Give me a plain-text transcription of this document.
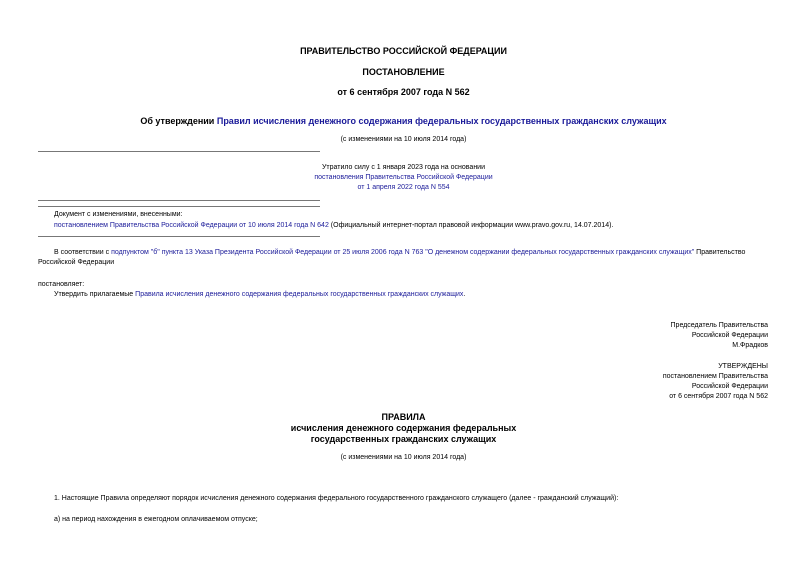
ПРАВИТЕЛЬСТВО РОССИЙСКОЙ ФЕДЕРАЦИИ
ПОСТАНОВЛЕНИЕ
от 6 сентября 2007 года N 562
Об утверждении Правил исчисления денежного содержания федеральных государственных гражданских служащих
(с изменениями на 10 июля 2014 года)
Утратило силу с 1 января 2023 года на основании
постановления Правительства Российской Федерации
от 1 апреля 2022 года N 554
Документ с изменениями, внесенными:
постановлением Правительства Российской Федерации от 10 июля 2014 года N 642 (Официальный интернет-портал правовой информации www.pravo.gov.ru, 14.07.2014).
В соответствии с подпунктом "б" пункта 13 Указа Президента Российской Федерации от 25 июля 2006 года N 763 "О денежном содержании федеральных государственных гражданских служащих" Правительство
Российской Федерации
постановляет:
Утвердить прилагаемые Правила исчисления денежного содержания федеральных государственных гражданских служащих.
Председатель Правительства
Российской Федерации
М.Фрадков
УТВЕРЖДЕНЫ
постановлением Правительства
Российской Федерации
от 6 сентября 2007 года N 562
ПРАВИЛА
исчисления денежного содержания федеральных
государственных гражданских служащих
(с изменениями на 10 июля 2014 года)
1. Настоящие Правила определяют порядок исчисления денежного содержания федерального государственного гражданского служащего (далее - гражданский служащий):
а) на период нахождения в ежегодном оплачиваемом отпуске;
